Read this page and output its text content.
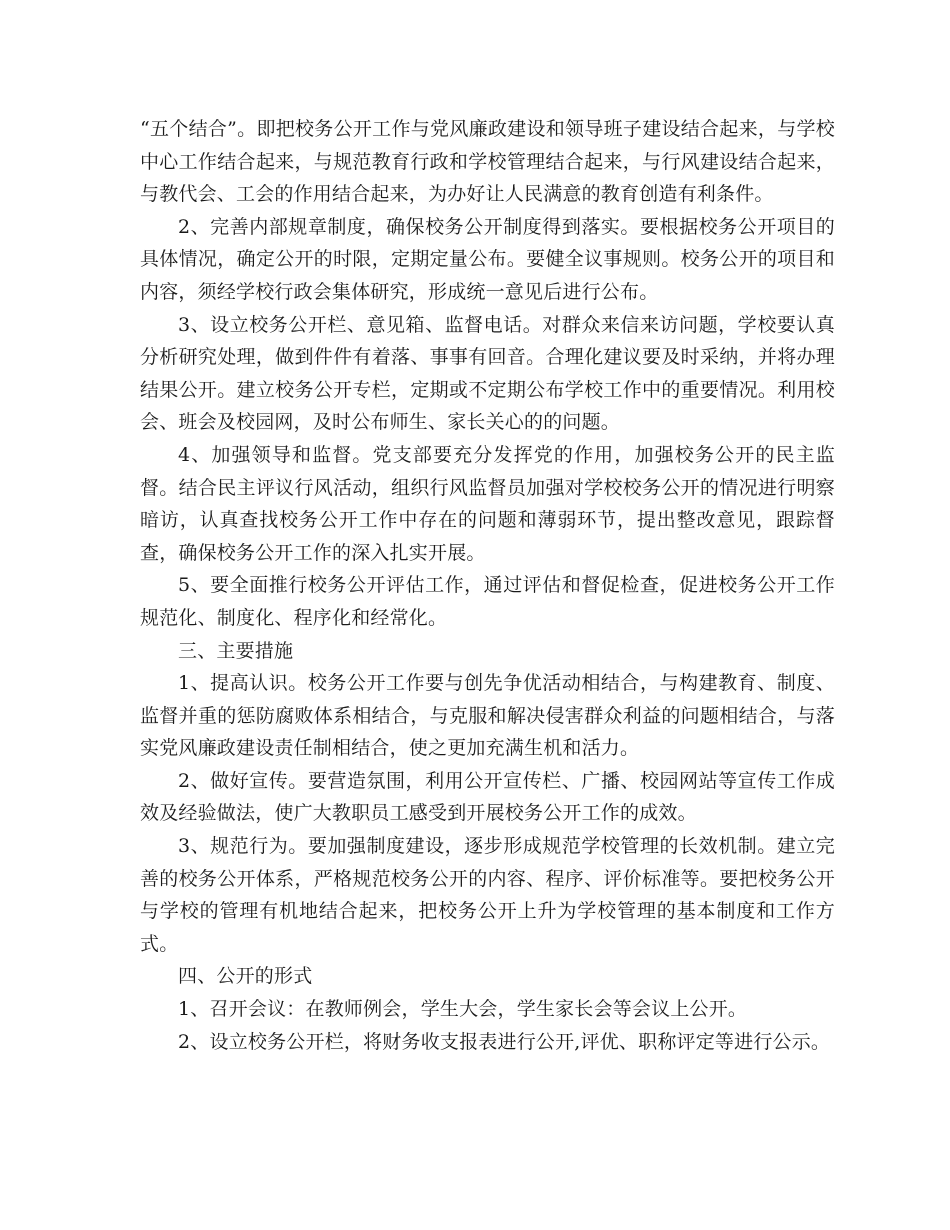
“五个结合”。即把校务公开工作与党风廉政建设和领导班子建设结合起来，与学校中心工作结合起来，与规范教育行政和学校管理结合起来，与行风建设结合起来，与教代会、工会的作用结合起来，为办好让人民满意的教育创造有利条件。

2、完善内部规章制度，确保校务公开制度得到落实。要根据校务公开项目的具体情况，确定公开的时限，定期定量公布。要健全议事规则。校务公开的项目和内容，须经学校行政会集体研究，形成统一意见后进行公布。

3、设立校务公开栏、意见箱、监督电话。对群众来信来访问题，学校要认真分析研究处理，做到件件有着落、事事有回音。合理化建议要及时采纳，并将办理结果公开。建立校务公开专栏，定期或不定期公布学校工作中的重要情况。利用校会、班会及校园网，及时公布师生、家长关心的的问题。

4、加强领导和监督。党支部要充分发挥党的作用，加强校务公开的民主监督。结合民主评议行风活动，组织行风监督员加强对学校校务公开的情况进行明察暗访，认真查找校务公开工作中存在的问题和薄弱环节，提出整改意见，跟踪督查，确保校务公开工作的深入扎实开展。

5、要全面推行校务公开评估工作，通过评估和督促检查，促进校务公开工作规范化、制度化、程序化和经常化。

三、主要措施

1、提高认识。校务公开工作要与创先争优活动相结合，与构建教育、制度、监督并重的惩防腐败体系相结合，与克服和解决侵害群众利益的问题相结合，与落实党风廉政建设责任制相结合，使之更加充满生机和活力。

2、做好宣传。要营造氛围，利用公开宣传栏、广播、校园网站等宣传工作成效及经验做法，使广大教职员工感受到开展校务公开工作的成效。

3、规范行为。要加强制度建设，逐步形成规范学校管理的长效机制。建立完善的校务公开体系，严格规范校务公开的内容、程序、评价标准等。要把校务公开与学校的管理有机地结合起来，把校务公开上升为学校管理的基本制度和工作方式。

四、公开的形式

1、召开会议：在教师例会，学生大会，学生家长会等会议上公开。

2、设立校务公开栏，将财务收支报表进行公开,评优、职称评定等进行公示。
